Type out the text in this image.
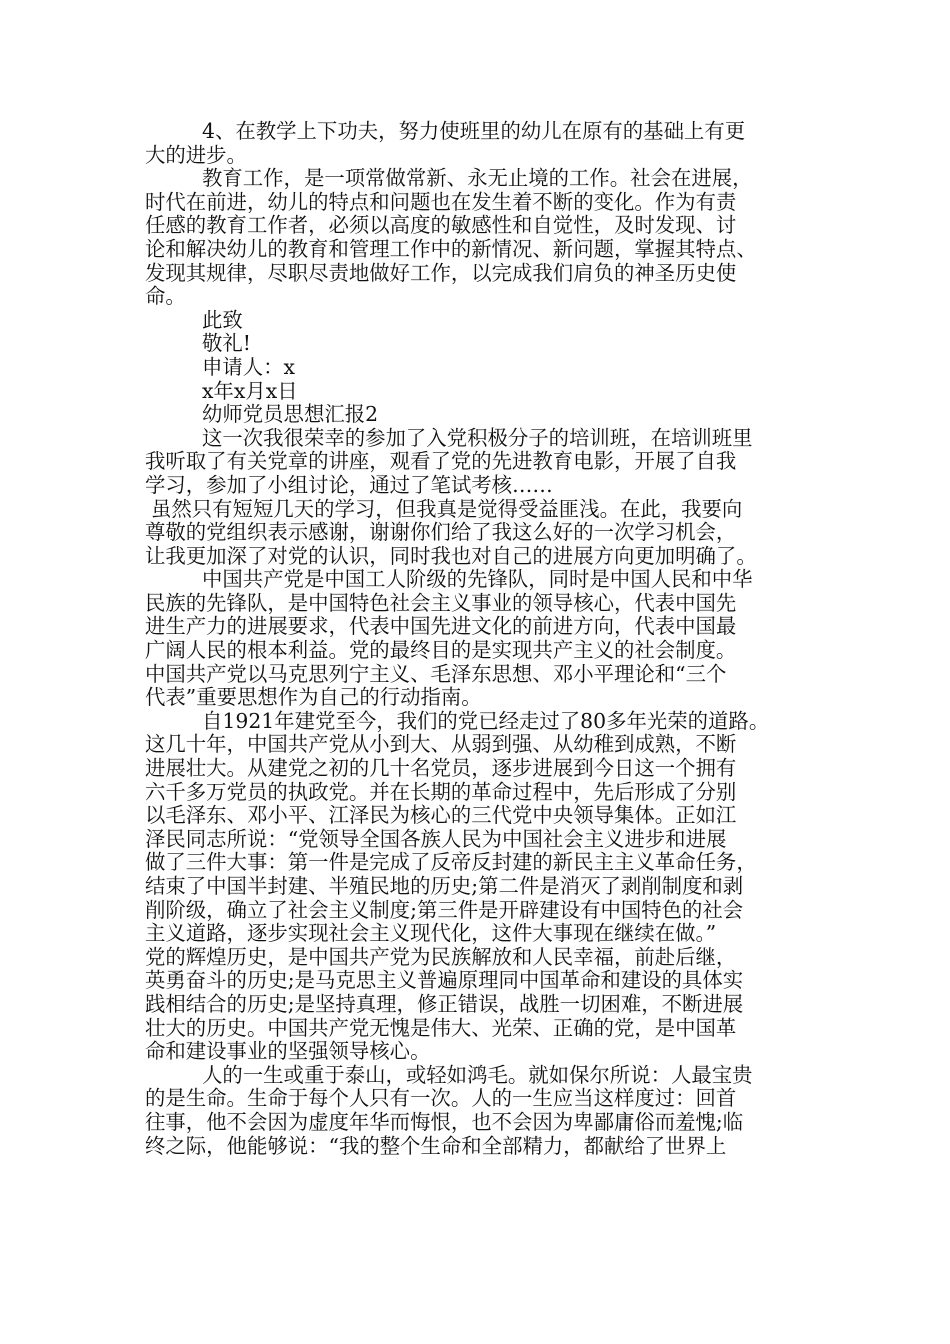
4、在教学上下功夫，努力使班里的幼儿在原有的基础上有更
大的进步。
教育工作，是一项常做常新、永无止境的工作。社会在进展，
时代在前进，幼儿的特点和问题也在发生着不断的变化。作为有责
任感的教育工作者，必须以高度的敏感性和自觉性，及时发现、讨
论和解决幼儿的教育和管理工作中的新情况、新问题，掌握其特点、
发现其规律，尽职尽责地做好工作，以完成我们肩负的神圣历史使
命。
此致
敬礼!
申请人：x
x年x月x日
幼师党员思想汇报2
这一次我很荣幸的参加了入党积极分子的培训班，在培训班里
我听取了有关党章的讲座，观看了党的先进教育电影，开展了自我
学习，参加了小组讨论，通过了笔试考核……
虽然只有短短几天的学习，但我真是觉得受益匪浅。在此，我要向
尊敬的党组织表示感谢，谢谢你们给了我这么好的一次学习机会，
让我更加深了对党的认识，同时我也对自己的进展方向更加明确了。
中国共产党是中国工人阶级的先锋队，同时是中国人民和中华
民族的先锋队，是中国特色社会主义事业的领导核心，代表中国先
进生产力的进展要求，代表中国先进文化的前进方向，代表中国最
广阔人民的根本利益。党的最终目的是实现共产主义的社会制度。
中国共产党以马克思列宁主义、毛泽东思想、邓小平理论和“三个
代表”重要思想作为自己的行动指南。
自1921年建党至今，我们的党已经走过了80多年光荣的道路。
这几十年，中国共产党从小到大、从弱到强、从幼稚到成熟，不断
进展壮大。从建党之初的几十名党员，逐步进展到今日这一个拥有
六千多万党员的执政党。并在长期的革命过程中，先后形成了分别
以毛泽东、邓小平、江泽民为核心的三代党中央领导集体。正如江
泽民同志所说：“党领导全国各族人民为中国社会主义进步和进展
做了三件大事：第一件是完成了反帝反封建的新民主主义革命任务，
结束了中国半封建、半殖民地的历史;第二件是消灭了剥削制度和剥
削阶级，确立了社会主义制度;第三件是开辟建设有中国特色的社会
主义道路，逐步实现社会主义现代化，这件大事现在继续在做。”
党的辉煌历史，是中国共产党为民族解放和人民幸福，前赴后继，
英勇奋斗的历史;是马克思主义普遍原理同中国革命和建设的具体实
践相结合的历史;是坚持真理，修正错误，战胜一切困难，不断进展
壮大的历史。中国共产党无愧是伟大、光荣、正确的党，是中国革
命和建设事业的坚强领导核心。
人的一生或重于泰山，或轻如鸿毛。就如保尔所说：人最宝贵
的是生命。生命于每个人只有一次。人的一生应当这样度过：回首
往事，他不会因为虚度年华而悔恨，也不会因为卑鄙庸俗而羞愧;临
终之际，他能够说：“我的整个生命和全部精力，都献给了世界上
